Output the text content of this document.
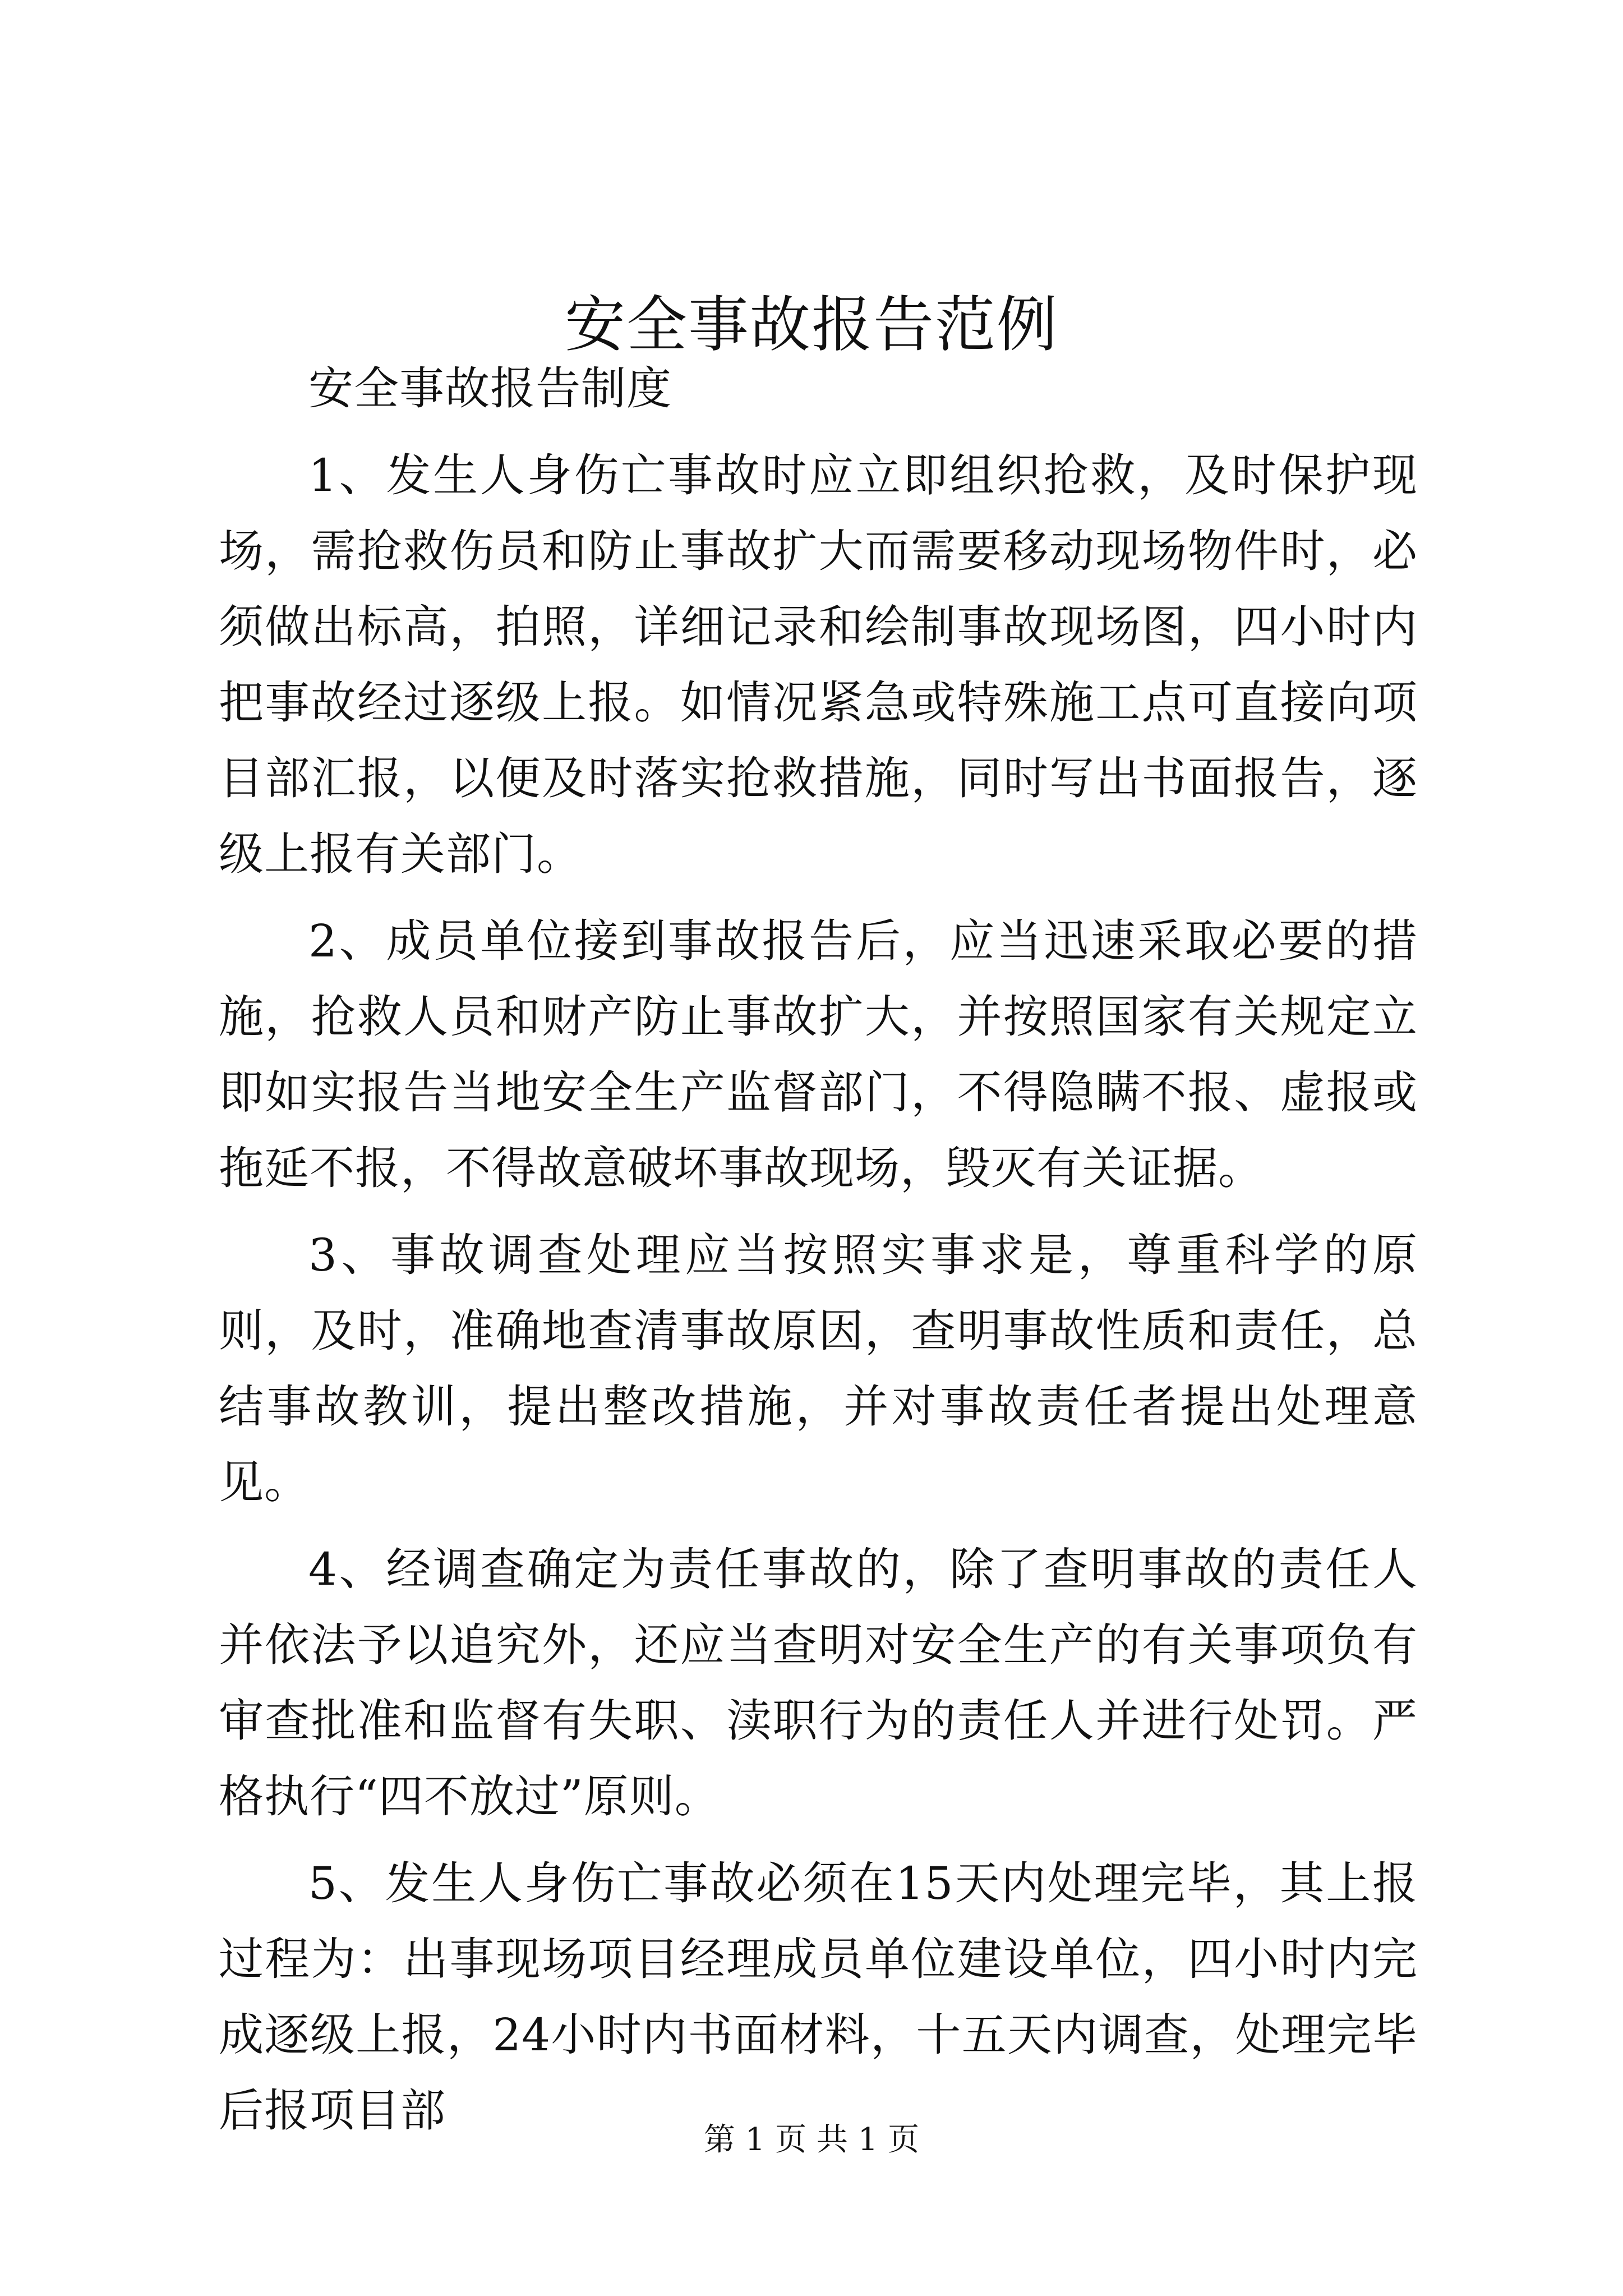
安全事故报告范例

安全事故报告制度

1、发生人身伤亡事故时应立即组织抢救，及时保护现场，需抢救伤员和防止事故扩大而需要移动现场物件时，必须做出标高，拍照，详细记录和绘制事故现场图，四小时内把事故经过逐级上报。如情况紧急或特殊施工点可直接向项目部汇报，以便及时落实抢救措施，同时写出书面报告，逐级上报有关部门。

2、成员单位接到事故报告后，应当迅速采取必要的措施，抢救人员和财产防止事故扩大，并按照国家有关规定立即如实报告当地安全生产监督部门，不得隐瞒不报、虚报或拖延不报，不得故意破坏事故现场，毁灭有关证据。

3、事故调查处理应当按照实事求是，尊重科学的原则，及时，准确地查清事故原因，查明事故性质和责任，总结事故教训，提出整改措施，并对事故责任者提出处理意见。

4、经调查确定为责任事故的，除了查明事故的责任人并依法予以追究外，还应当查明对安全生产的有关事项负有审查批准和监督有失职、渎职行为的责任人并进行处罚。严格执行“四不放过”原则。

5、发生人身伤亡事故必须在15天内处理完毕，其上报过程为：出事现场项目经理成员单位建设单位，四小时内完成逐级上报，24小时内书面材料，十五天内调查，处理完毕后报项目部

第 1 页 共 1 页
